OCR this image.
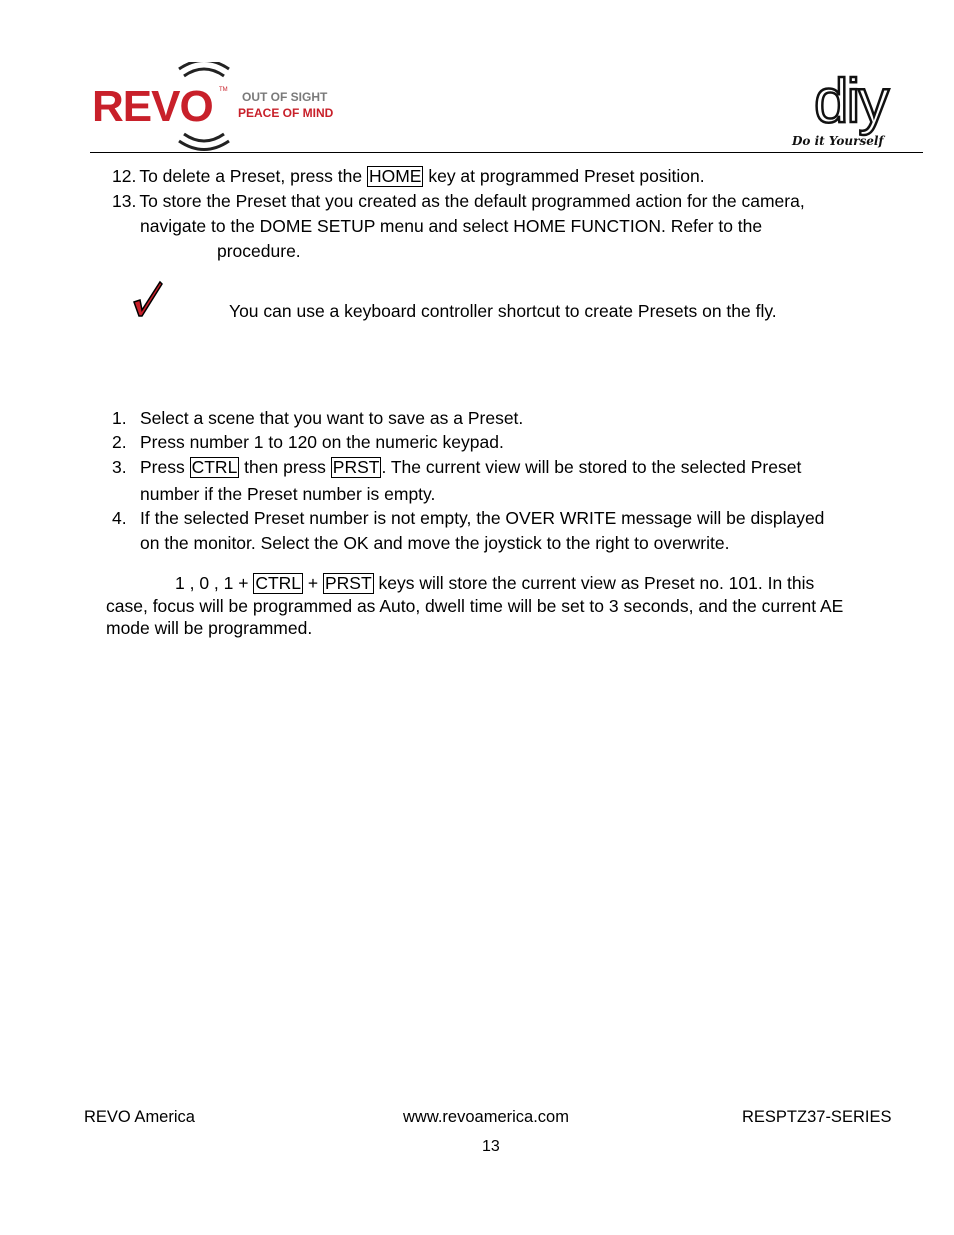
REVO TM OUT OF SIGHT
PEACE OF MIND	diy
Do it Yourself
12. To delete a Preset, press the HOME key at programmed Preset position.
13. To store the Preset that you created as the default programmed action for the camera,
navigate to the DOME SETUP menu and select HOME FUNCTION. Refer to the
procedure.
You can use a keyboard controller shortcut to create Presets on the fly.
1. Select a scene that you want to save as a Preset.
2. Press number 1 to 120 on the numeric keypad.
3. Press CTRL then press PRST . The current view will be stored to the selected Preset
number if the Preset number is empty.
4. If the selected Preset number is not empty, the OVER WRITE message will be displayed
on the monitor. Select the OK and move the joystick to the right to overwrite.
1 , 0 , 1 + CTRL + PRST keys will store the current view as Preset no. 101. In this
case, focus will be programmed as Auto, dwell time will be set to 3 seconds, and the current AE
mode will be programmed.
REVO America	www.revoamerica.com	RESPTZ37-SERIES
13
